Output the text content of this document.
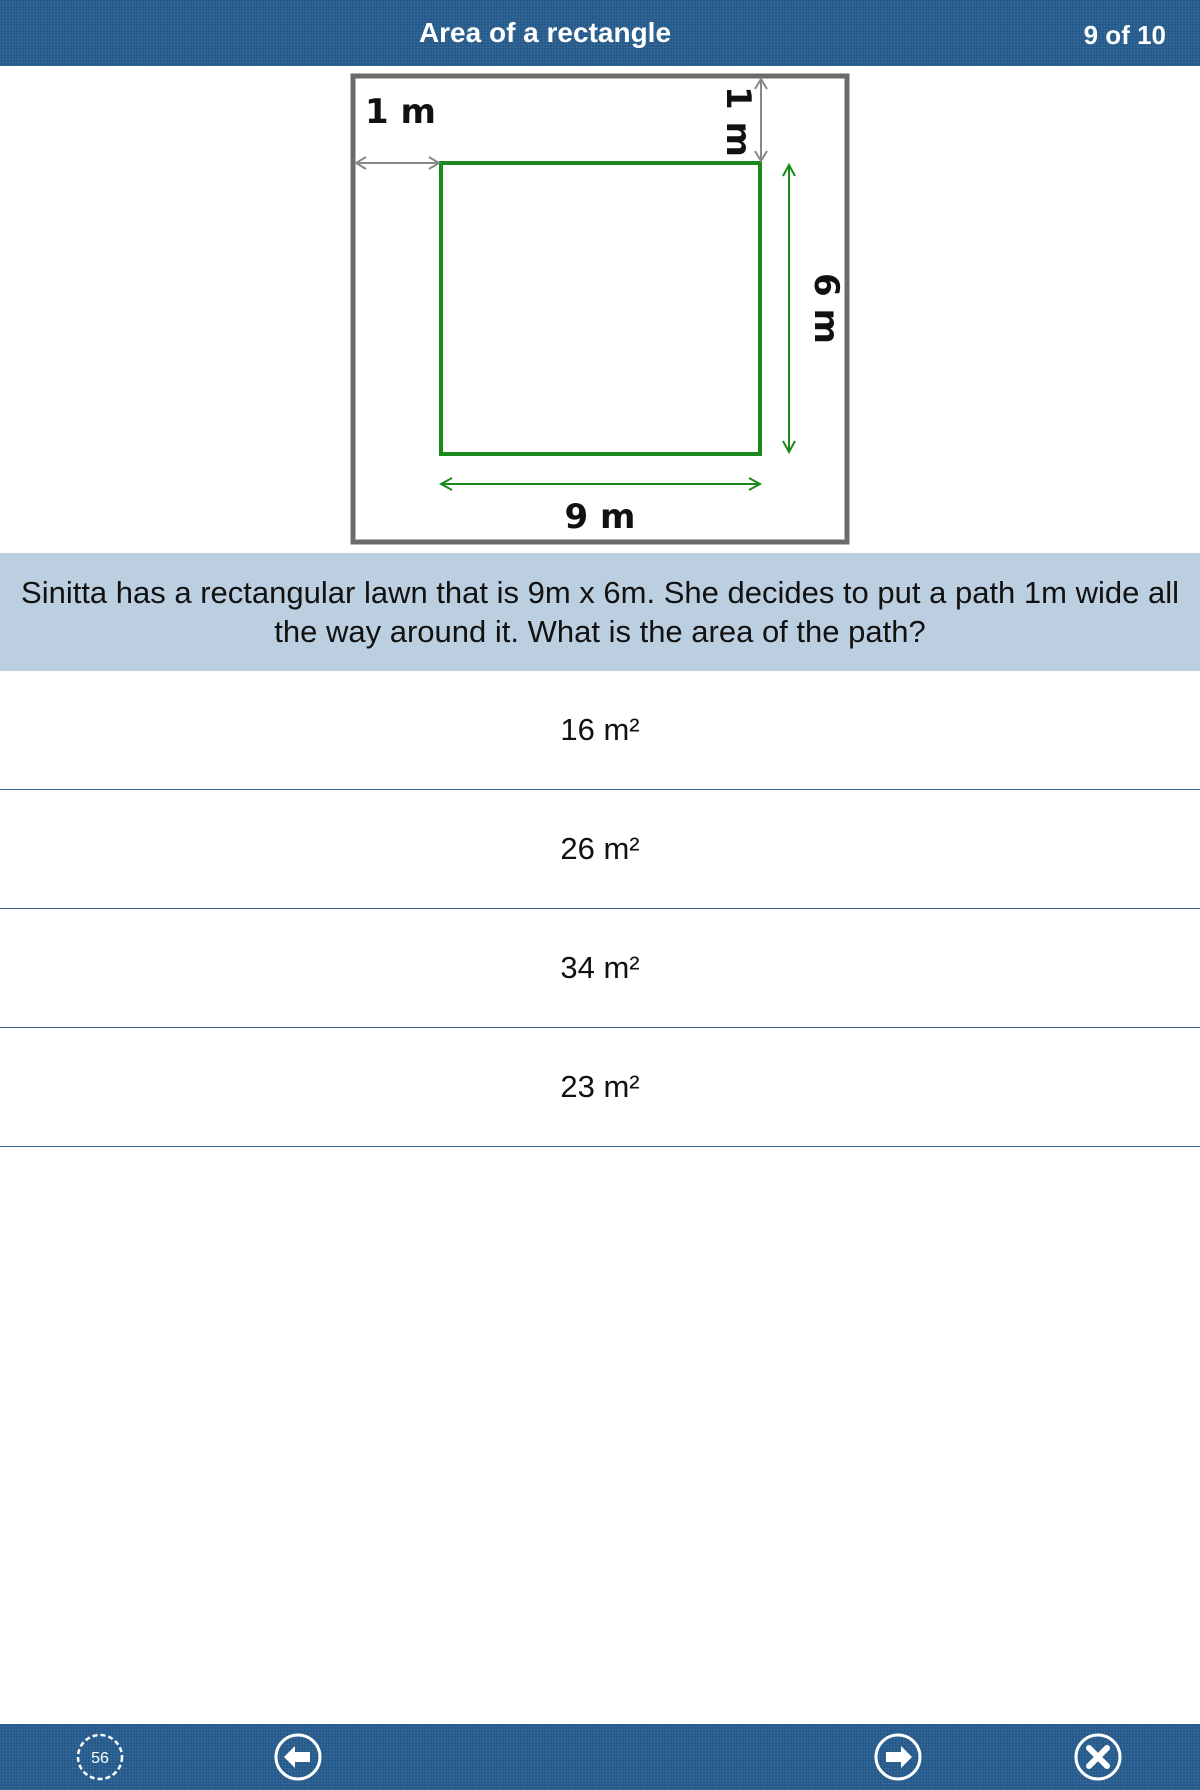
Area of a rectangle	9 of 10
1 m	1 m
6 m
9 m
Sinitta has a rectangular lawn that is 9m x 6m. She decides to put a path 1m wide all the way around it. What is the area of the path?
16 m²
26 m²
34 m²
23 m²
56
